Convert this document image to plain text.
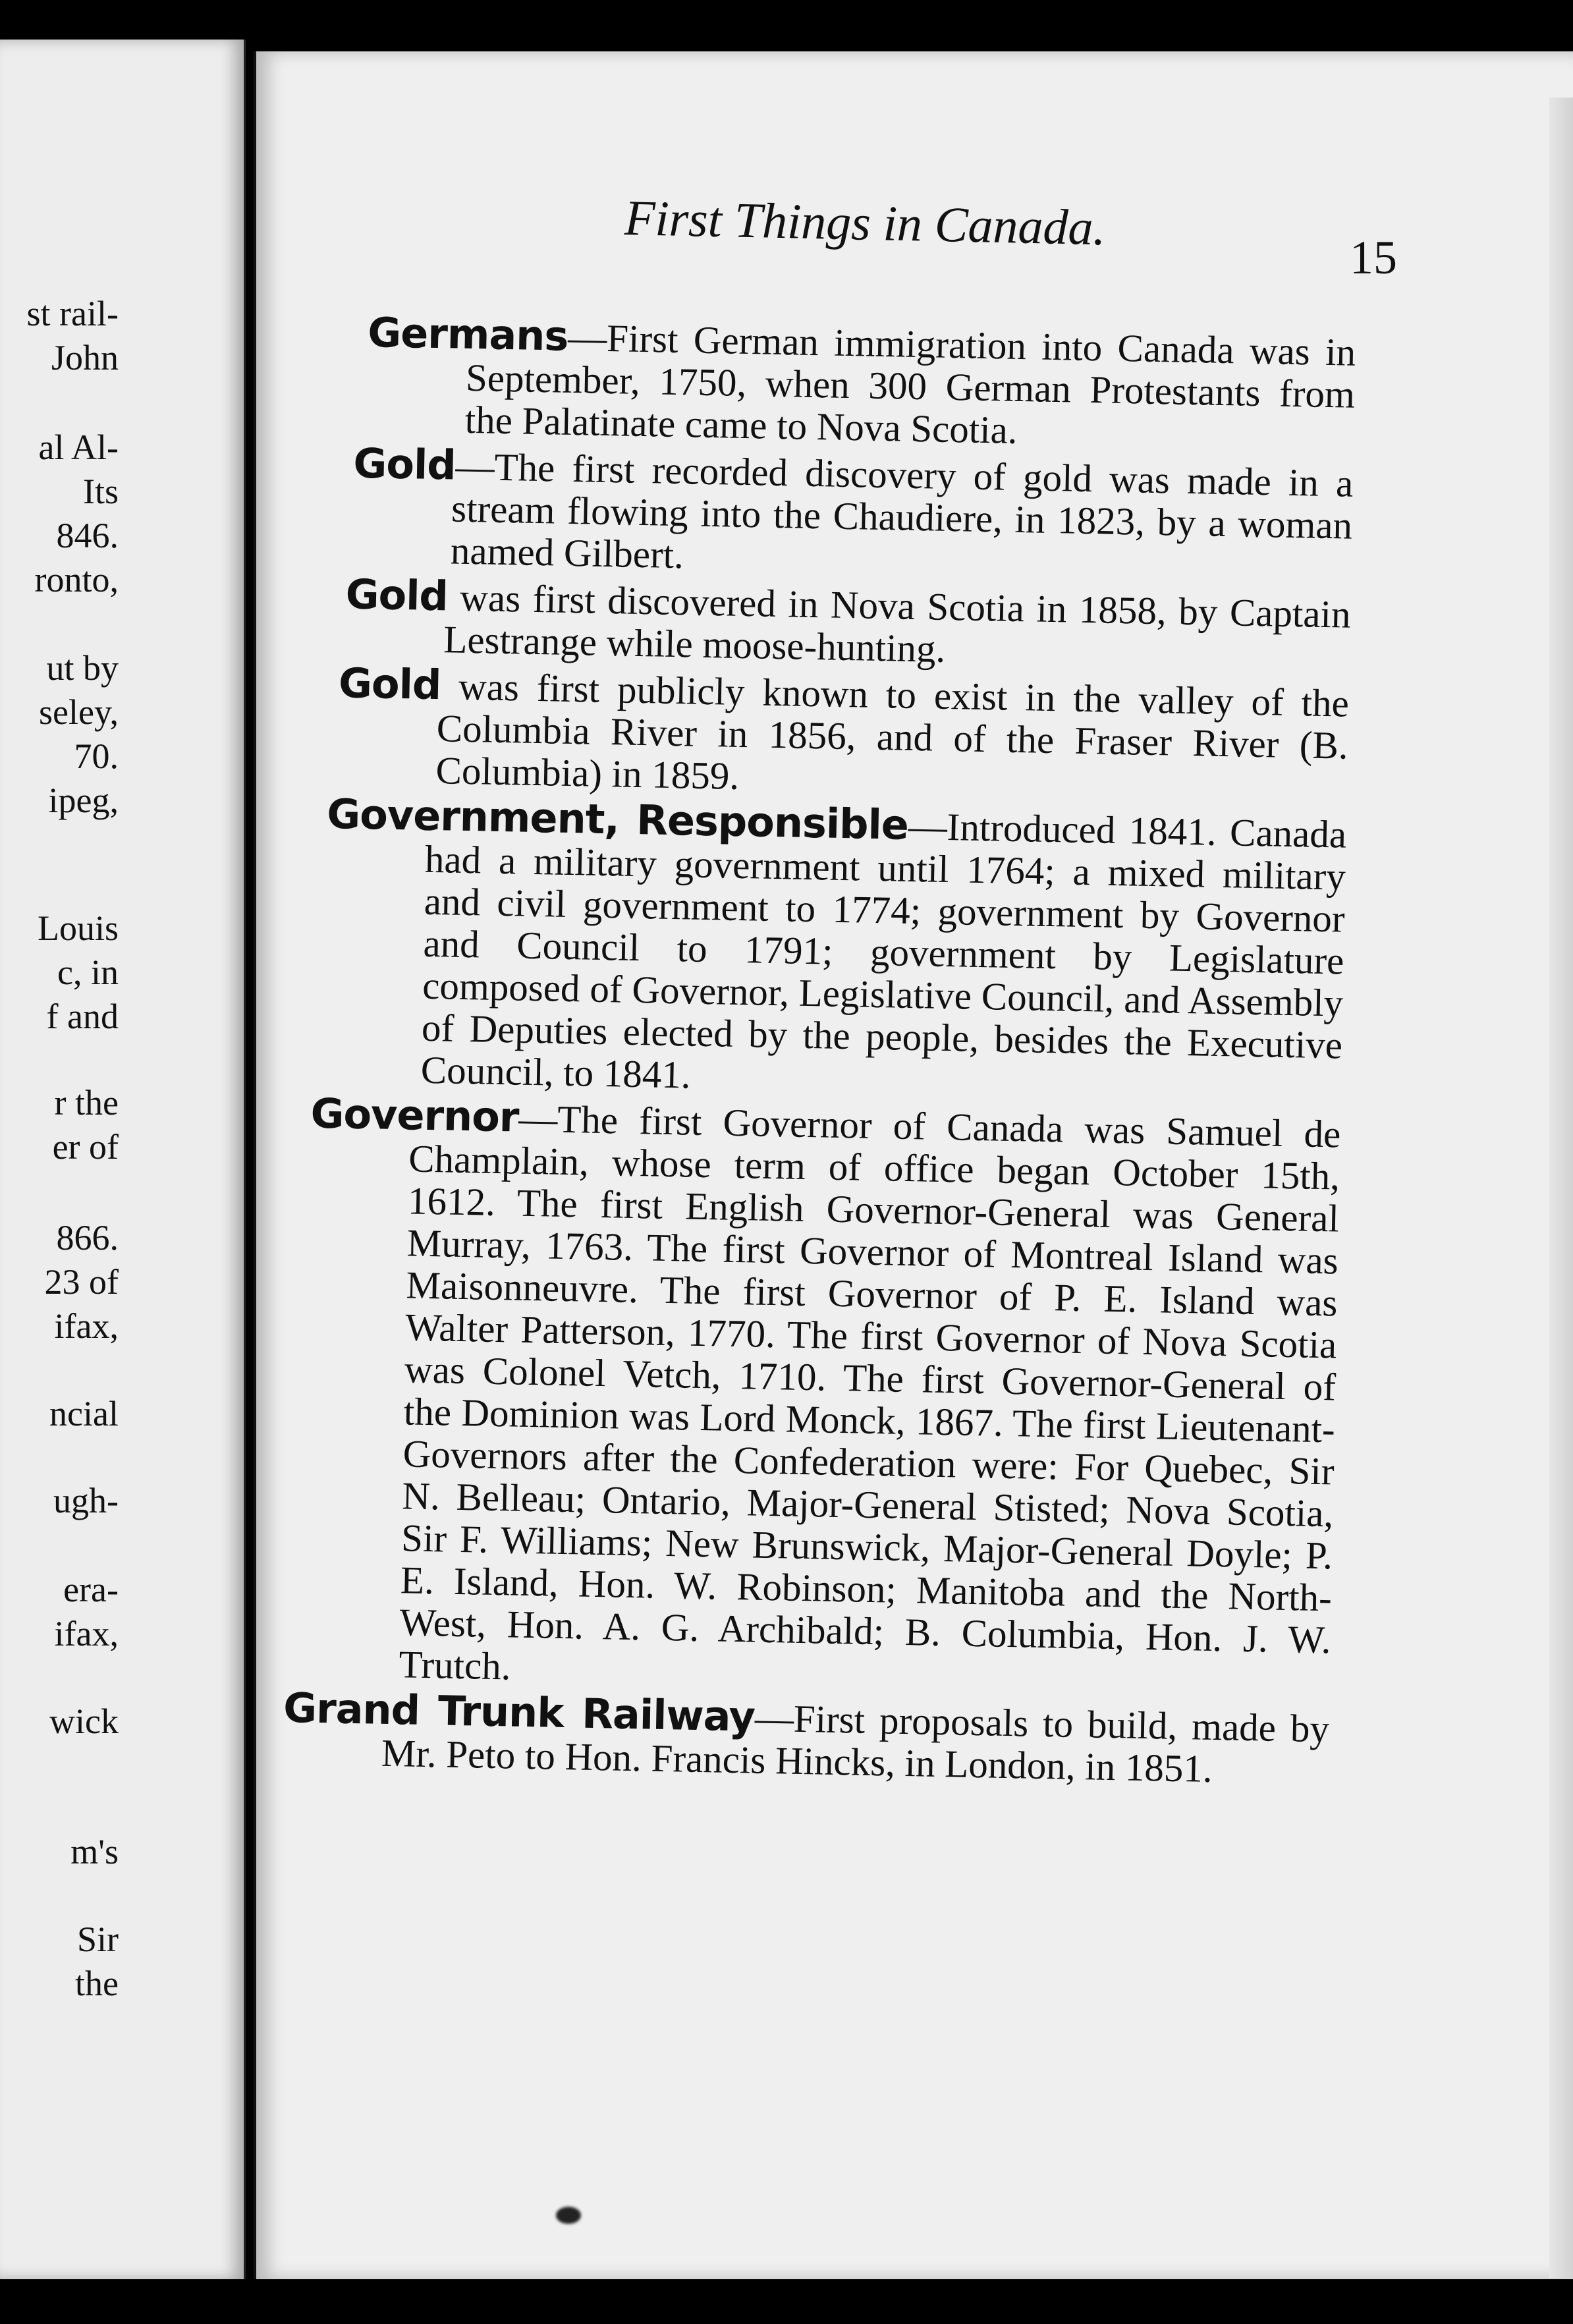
st rail-
John
al Al-
Its
846.
ronto,
ut by
seley,
70.
ipeg,
Louis
c, in
f and
r the
er of
866.
23 of
ifax,
ncial
ugh-
era-
ifax,
wick
m's
Sir
the
First Things in Canada.
15

Germans—First German immigration into Canada was in September, 1750, when 300 German Protestants from the Palatinate came to Nova Scotia.

Gold—The first recorded discovery of gold was made in a stream flowing into the Chaudiere, in 1823, by a woman named Gilbert.

Gold was first discovered in Nova Scotia in 1858, by Captain Lestrange while moose-hunting.

Gold was first publicly known to exist in the valley of the Columbia River in 1856, and of the Fraser River (B. Columbia) in 1859.

Government, Responsible—Introduced 1841. Canada had a military government until 1764; a mixed military and civil government to 1774; government by Governor and Council to 1791; government by Legislature composed of Governor, Legislative Council, and Assembly of Deputies elected by the people, besides the Executive Council, to 1841.

Governor—The first Governor of Canada was Samuel de Champlain, whose term of office began October 15th, 1612. The first English Governor-General was General Murray, 1763. The first Governor of Montreal Island was Maisonneuvre. The first Governor of P. E. Island was Walter Patterson, 1770. The first Governor of Nova Scotia was Colonel Vetch, 1710. The first Governor-General of the Dominion was Lord Monck, 1867. The first Lieutenant-Governors after the Confederation were: For Quebec, Sir N. Belleau; Ontario, Major-General Stisted; Nova Scotia, Sir F. Williams; New Brunswick, Major-General Doyle; P. E. Island, Hon. W. Robinson; Manitoba and the North-West, Hon. A. G. Archibald; B. Columbia, Hon. J. W. Trutch.

Grand Trunk Railway—First proposals to build, made by Mr. Peto to Hon. Francis Hincks, in London, in 1851.
